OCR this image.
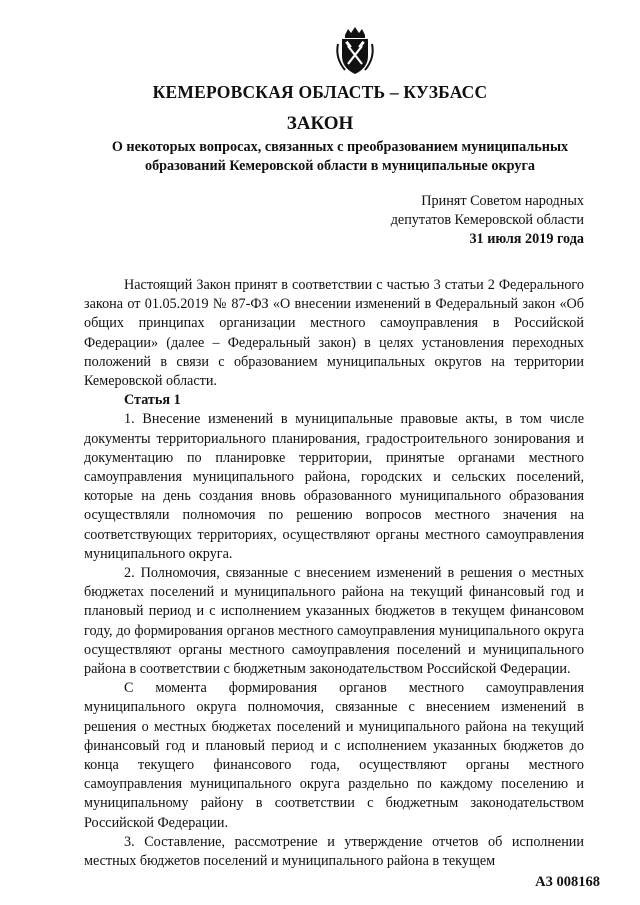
КЕМЕРОВСКАЯ ОБЛАСТЬ – КУЗБАСС
ЗАКОН
О некоторых вопросах, связанных с преобразованием муниципальных
образований Кемеровской области в муниципальные округа
Принят Советом народных
депутатов Кемеровской области
31 июля 2019 года

Настоящий Закон принят в соответствии с частью 3 статьи 2 Федерального закона от 01.05.2019 № 87-ФЗ «О внесении изменений в Федеральный закон «Об общих принципах организации местного самоуправления в Российской Федерации» (далее – Федеральный закон) в целях установления переходных положений в связи с образованием муниципальных округов на территории Кемеровской области.

Статья 1

1. Внесение изменений в муниципальные правовые акты, в том числе документы территориального планирования, градостроительного зонирования и документацию по планировке территории, принятые органами местного самоуправления муниципального района, городских и сельских поселений, которые на день создания вновь образованного муниципального образования осуществляли полномочия по решению вопросов местного значения на соответствующих территориях, осуществляют органы местного самоуправления муниципального округа.

2. Полномочия, связанные с внесением изменений в решения о местных бюджетах поселений и муниципального района на текущий финансовый год и плановый период и с исполнением указанных бюджетов в текущем финансовом году, до формирования органов местного самоуправления муниципального округа осуществляют органы местного самоуправления поселений и муниципального района в соответствии с бюджетным законодательством Российской Федерации.

С момента формирования органов местного самоуправления муниципального округа полномочия, связанные с внесением изменений в решения о местных бюджетах поселений и муниципального района на текущий финансовый год и плановый период и с исполнением указанных бюджетов до конца текущего финансового года, осуществляют органы местного самоуправления муниципального округа раздельно по каждому поселению и муниципальному району в соответствии с бюджетным законодательством Российской Федерации.

3. Составление, рассмотрение и утверждение отчетов об исполнении местных бюджетов поселений и муниципального района в текущем

А3 008168
